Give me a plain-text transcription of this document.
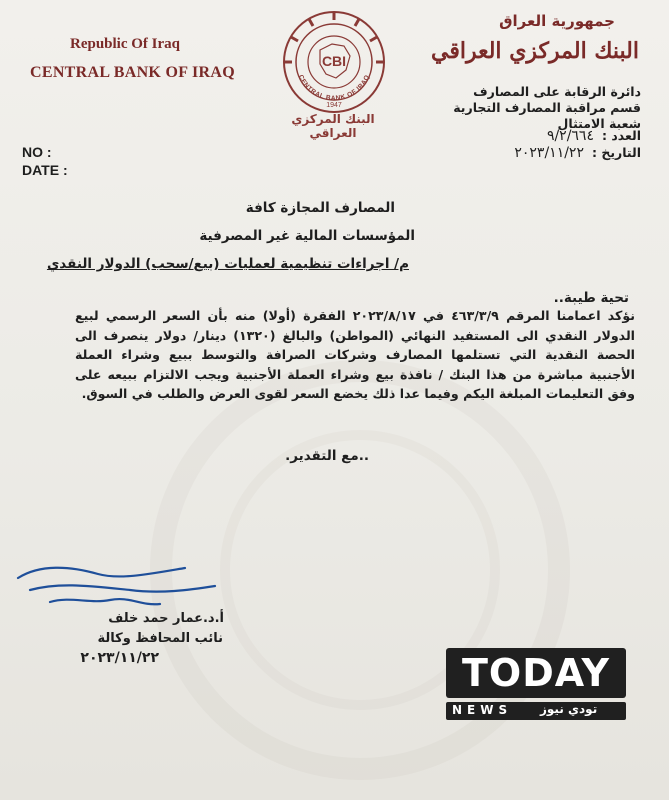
Republic Of Iraq
CENTRAL BANK OF IRAQ
CBI
CENTRAL BANK OF IRAQ
1947
البنك المركزي العراقي
جمهورية العراق
البنك المركزي العراقي
دائرة الرقابة على المصارف
قسم مراقبة المصارف التجارية
شعبة الامتثال
العدد :٩/٢/٦٦٤
التاريخ :٢٠٢٣/١١/٢٢
NO :
DATE :
المصارف المجازة كافة
المؤسسات المالية غير المصرفية
م/ اجراءات تنظيمية لعمليات (بيع/سحب) الدولار النقدي
تحية طيبة..
نؤكد اعمامنا المرقم ٤٦٣/٣/٩ في ٢٠٢٣/٨/١٧ الفقرة (أولا) منه بأن السعر الرسمي لبيع الدولار النقدي الى المستفيد النهائي (المواطن) والبالغ (١٣٢٠) دينار/ دولار ينصرف الى الحصة النقدية التي تستلمها المصارف وشركات الصرافة والتوسط ببيع وشراء العملة الأجنبية مباشرة من هذا البنك / نافذة بيع وشراء العملة الأجنبية ويجب الالتزام ببيعه على وفق التعليمات المبلغة اليكم وفيما عدا ذلك يخضع السعر لقوى العرض والطلب في السوق.
..مع التقدير.
أ.د.عمار حمد خلف
نائب المحافظ وكالة
٢٠٢٣/١١/٢٢	TODAY
NEWS تودي نيوز
